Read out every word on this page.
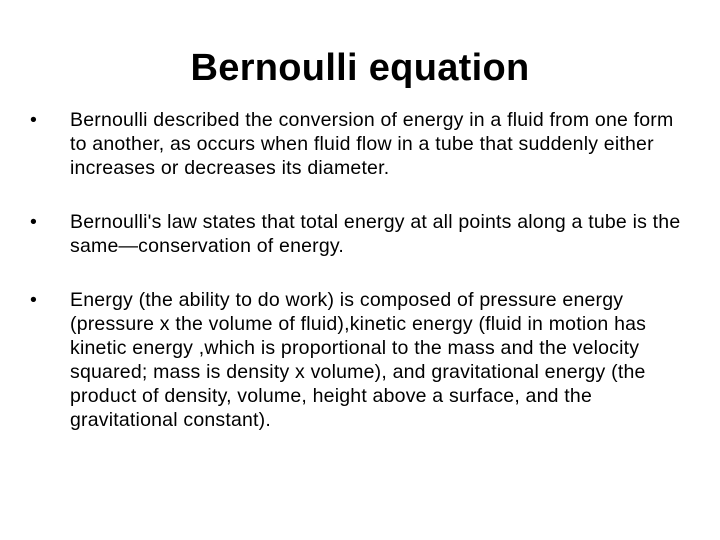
Bernoulli equation
•	Bernoulli described the conversion of energy in a fluid from one form to another, as occurs when fluid flow in a tube that suddenly either increases or decreases its diameter.
•	Bernoulli's law states that total energy at all points along a tube is the same—conservation of energy.
•	Energy (the ability to do work) is composed of pressure energy (pressure x the volume of fluid),kinetic energy (fluid in motion has kinetic energy ,which is proportional to the mass and the velocity squared; mass is density x volume), and gravitational energy (the product of density, volume, height above a surface, and the gravitational constant).
